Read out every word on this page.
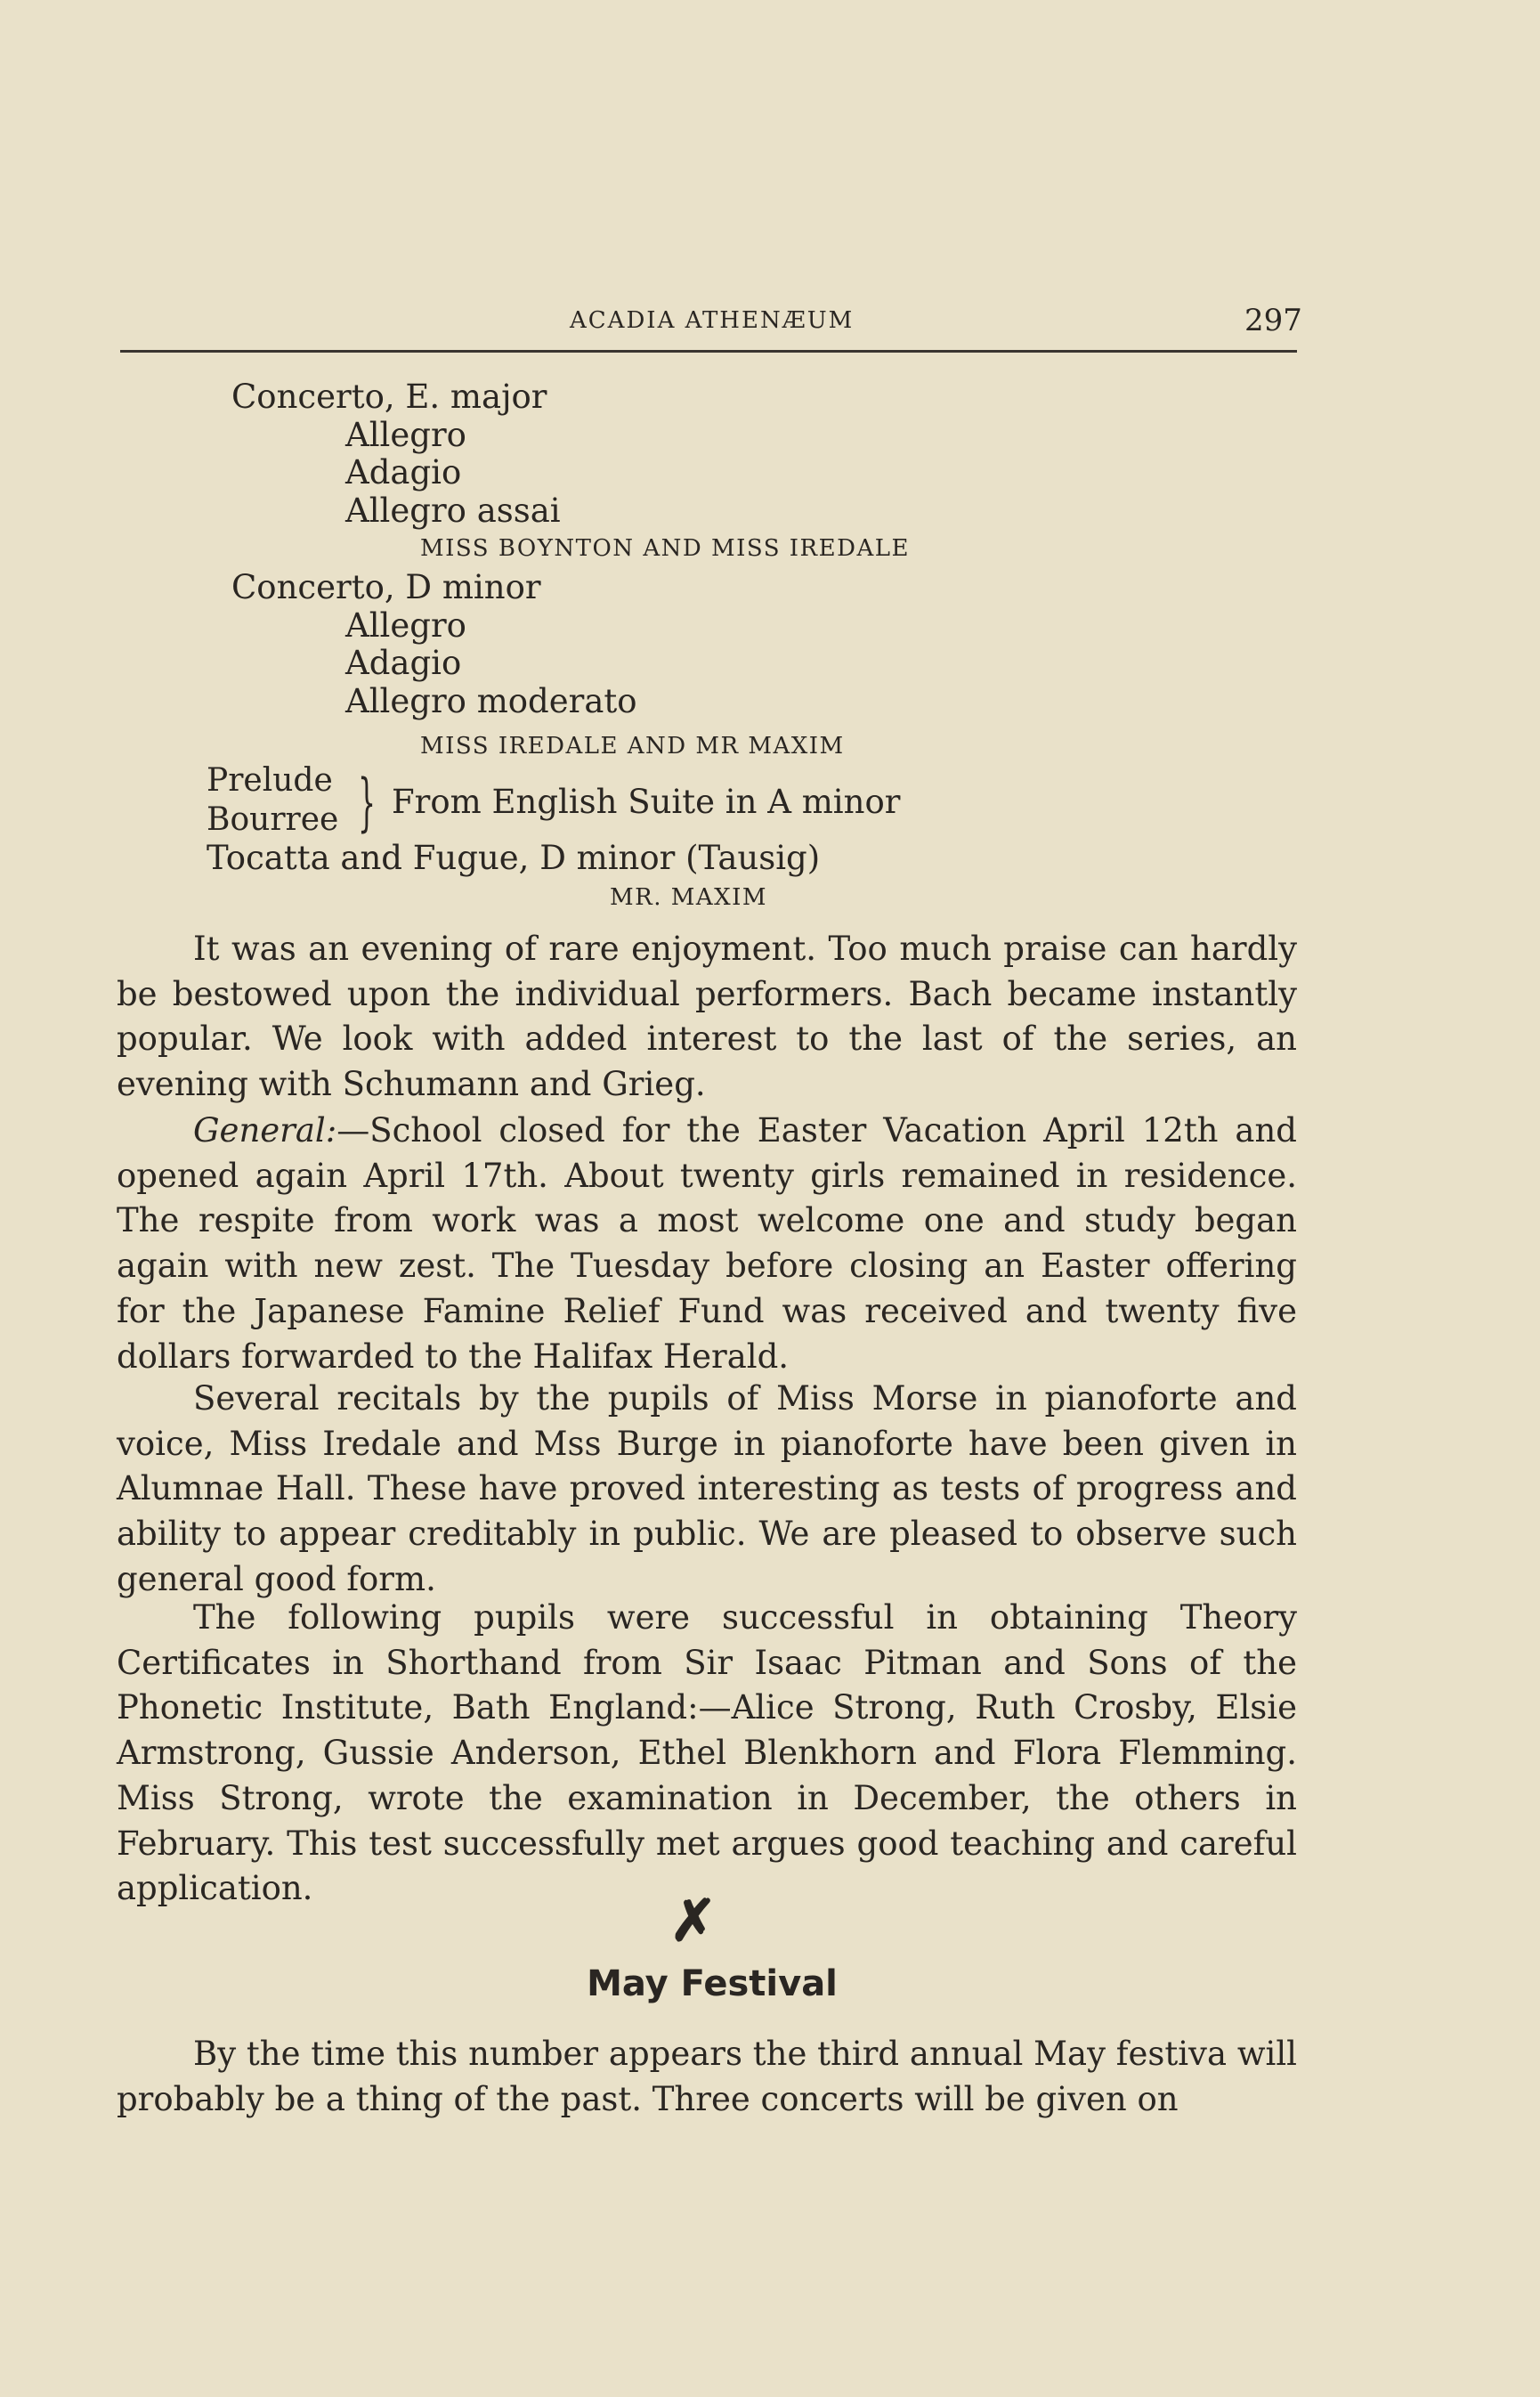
ACADIA ATHENÆUM	297
Concerto, E. major
Allegro
Adagio
Allegro assai
MISS BOYNTON AND MISS IREDALE
Concerto, D minor
Allegro
Adagio
Allegro moderato
MISS IREDALE AND MR MAXIM
Prelude
Bourree } From English Suite in A minor
Tocatta and Fugue, D minor (Tausig)
MR. MAXIM
It was an evening of rare enjoyment. Too much praise can hardly be bestowed upon the individual performers. Bach became instantly popular. We look with added interest to the last of the series, an evening with Schumann and Grieg.
General:—School closed for the Easter Vacation April 12th and opened again April 17th. About twenty girls remained in residence. The respite from work was a most welcome one and study began again with new zest. The Tuesday before closing an Easter offering for the Japanese Famine Relief Fund was received and twenty five dollars forwarded to the Halifax Herald.
Several recitals by the pupils of Miss Morse in pianoforte and voice, Miss Iredale and Mss Burge in pianoforte have been given in Alumnae Hall. These have proved interesting as tests of progress and ability to appear creditably in public. We are pleased to observe such general good form.
The following pupils were successful in obtaining Theory Certificates in Shorthand from Sir Isaac Pitman and Sons of the Phonetic Institute, Bath England:—Alice Strong, Ruth Crosby, Elsie Armstrong, Gussie Anderson, Ethel Blenkhorn and Flora Flemming. Miss Strong, wrote the examination in December, the others in February. This test successfully met argues good teaching and careful application.	✗
May Festival
By the time this number appears the third annual May festiva will probably be a thing of the past. Three concerts will be given on
